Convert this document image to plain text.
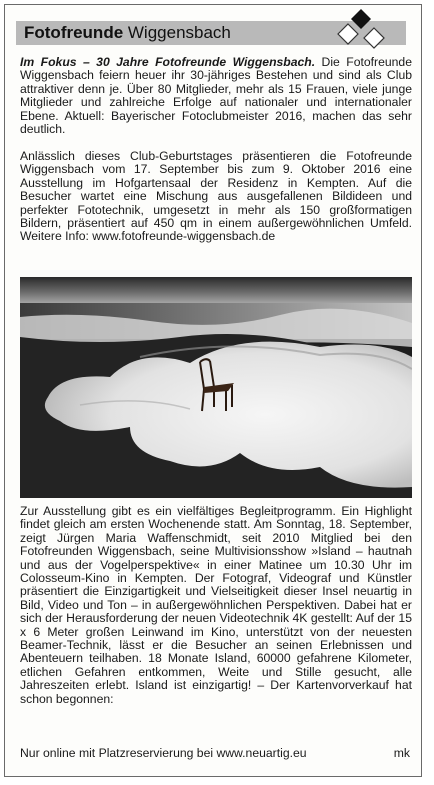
Fotofreunde Wiggensbach

Im Fokus – 30 Jahre Fotofreunde Wiggensbach. Die Fotofreunde Wiggensbach feiern heuer ihr 30-jähriges Bestehen und sind als Club attraktiver denn je. Über 80 Mitglieder, mehr als 15 Frauen, viele junge Mitglieder und zahlreiche Erfolge auf nationaler und internationaler Ebene. Aktuell: Bayerischer Fotoclubmeister 2016, machen das sehr deutlich.

Anlässlich dieses Club-Geburtstages präsentieren die Fotofreunde Wiggensbach vom 17. September bis zum 9. Oktober 2016 eine Ausstellung im Hofgartensaal der Residenz in Kempten. Auf die Besucher wartet eine Mischung aus ausgefallenen Bildideen und perfekter Fototechnik, umgesetzt in mehr als 150 großformatigen Bildern, präsentiert auf 450 qm in einem außergewöhnlichen Umfeld. Weitere Info: www.fotofreunde-wiggensbach.de

Zur Ausstellung gibt es ein vielfältiges Begleitprogramm. Ein Highlight findet gleich am ersten Wochenende statt. Am Sonntag, 18. September, zeigt Jürgen Maria Waffenschmidt, seit 2010 Mitglied bei den Fotofreunden Wiggensbach, seine Multivisionsshow »Island – hautnah und aus der Vogelperspektive« in einer Matinee um 10.30 Uhr im Colosseum-Kino in Kempten. Der Fotograf, Videograf und Künstler präsentiert die Einzigartigkeit und Vielseitigkeit dieser Insel neuartig in Bild, Video und Ton – in außergewöhnlichen Perspektiven. Dabei hat er sich der Herausforderung der neuen Videotechnik 4K gestellt: Auf der 15 x 6 Meter großen Leinwand im Kino, unterstützt von der neuesten Beamer-Technik, lässt er die Besucher an seinen Erlebnissen und Abenteuern teilhaben. 18 Monate Island, 60000 gefahrene Kilometer, etlichen Gefahren entkommen, Weite und Stille gesucht, alle Jahreszeiten erlebt. Island ist einzigartig! – Der Kartenvorverkauf hat schon begonnen:

Nur online mit Platzreservierung bei www.neuartig.eu	mk
